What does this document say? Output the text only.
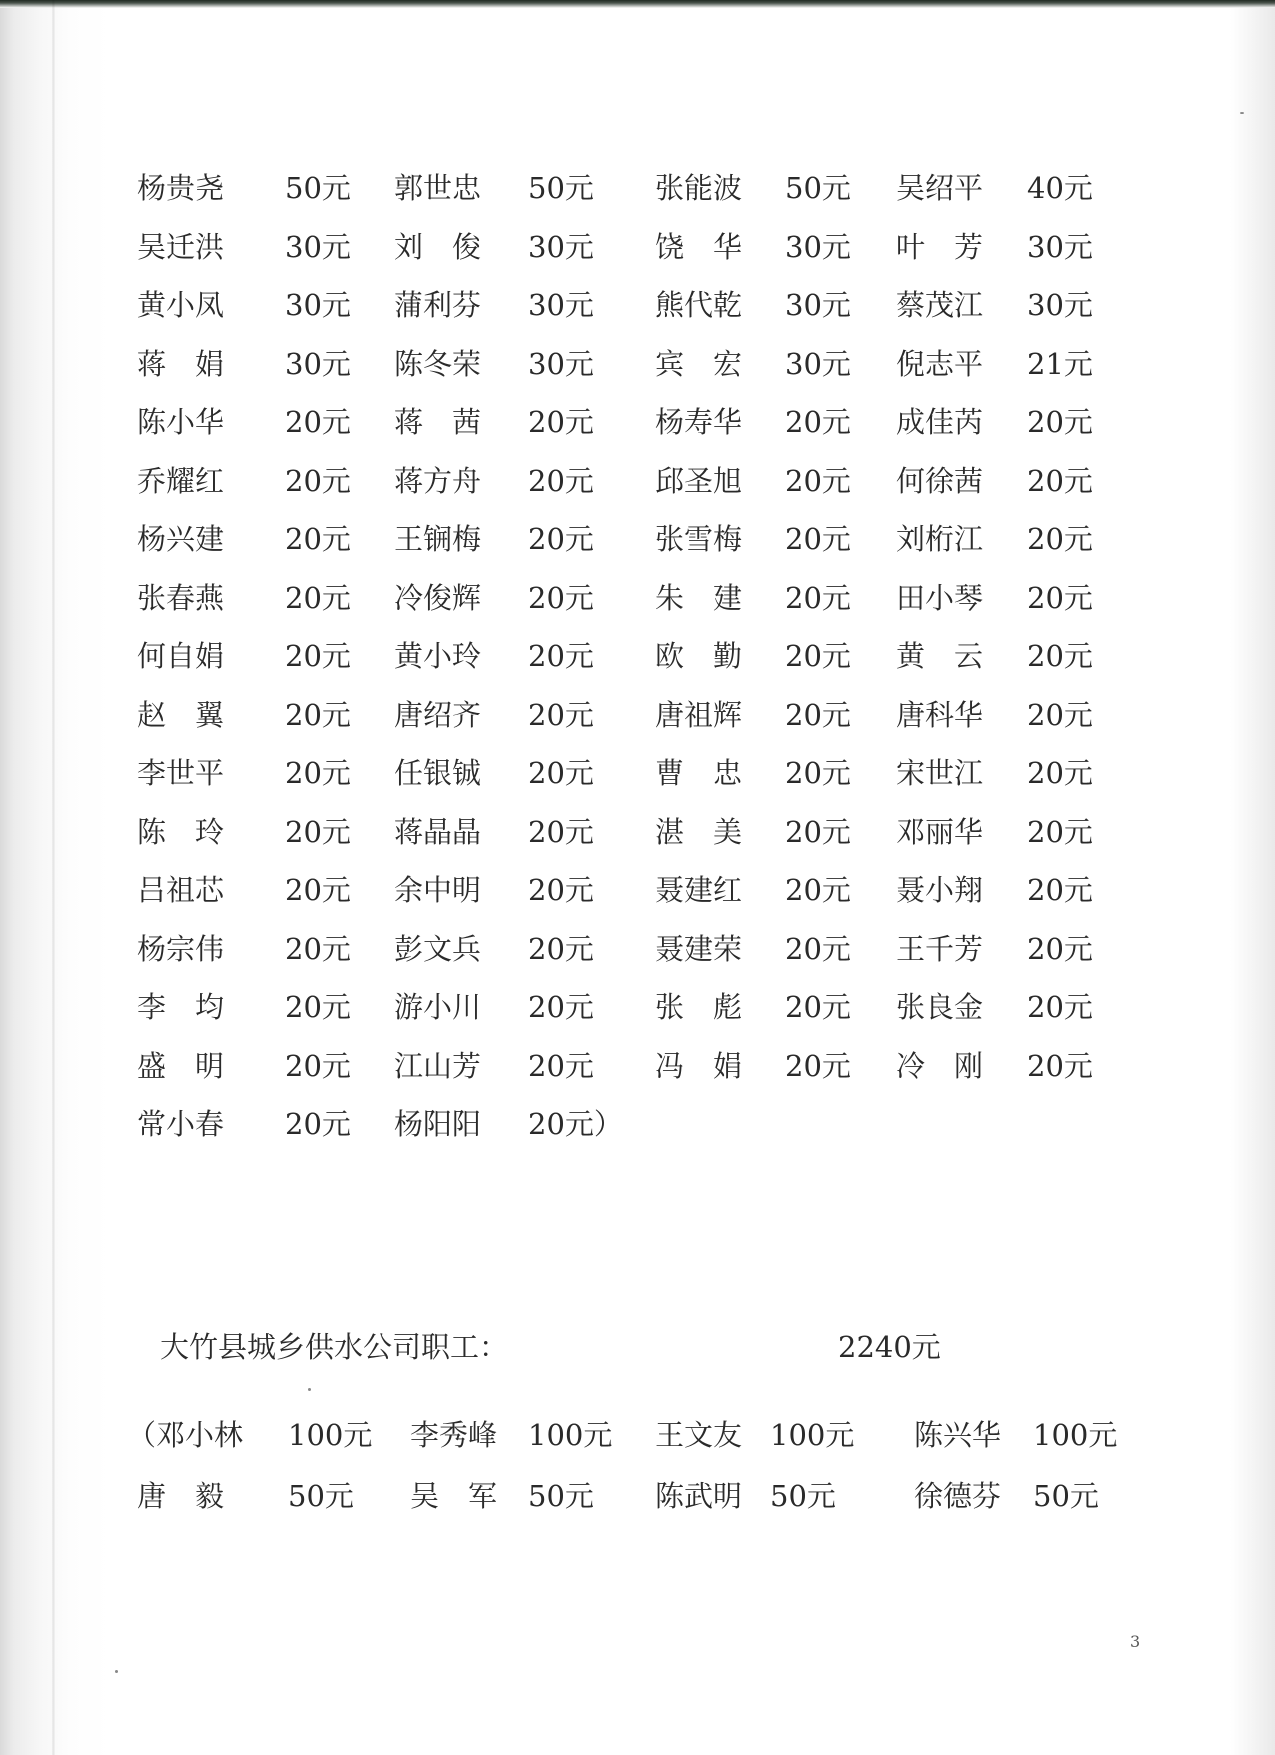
杨贵尧 50元 郭世忠 50元 张能波 50元 吴绍平 40元
吴迁洪 30元 刘　俊 30元 饶　华 30元 叶　芳 30元
黄小凤 30元 蒲利芬 30元 熊代乾 30元 蔡茂江 30元
蒋　娟 30元 陈冬荣 30元 宾　宏 30元 倪志平 21元
陈小华 20元 蒋　茜 20元 杨寿华 20元 成佳芮 20元
乔耀红 20元 蒋方舟 20元 邱圣旭 20元 何徐茜 20元
杨兴建 20元 王锎梅 20元 张雪梅 20元 刘桁江 20元
张春燕 20元 冷俊辉 20元 朱　建 20元 田小琴 20元
何自娟 20元 黄小玲 20元 欧　勤 20元 黄　云 20元
赵　翼 20元 唐绍齐 20元 唐祖辉 20元 唐科华 20元
李世平 20元 任银铖 20元 曹　忠 20元 宋世江 20元
陈　玲 20元 蒋晶晶 20元 湛　美 20元 邓丽华 20元
吕祖芯 20元 余中明 20元 聂建红 20元 聂小翔 20元
杨宗伟 20元 彭文兵 20元 聂建荣 20元 王千芳 20元
李　均 20元 游小川 20元 张　彪 20元 张良金 20元
盛　明 20元 江山芳 20元 冯　娟 20元 冷　刚 20元
常小春 20元 杨阳阳 20元）
大竹县城乡供水公司职工：	2240元
（邓小林 100元 李秀峰 100元 王文友 100元 陈兴华 100元
唐　毅 50元 吴　军 50元 陈武明 50元	徐德芬 50元
3
